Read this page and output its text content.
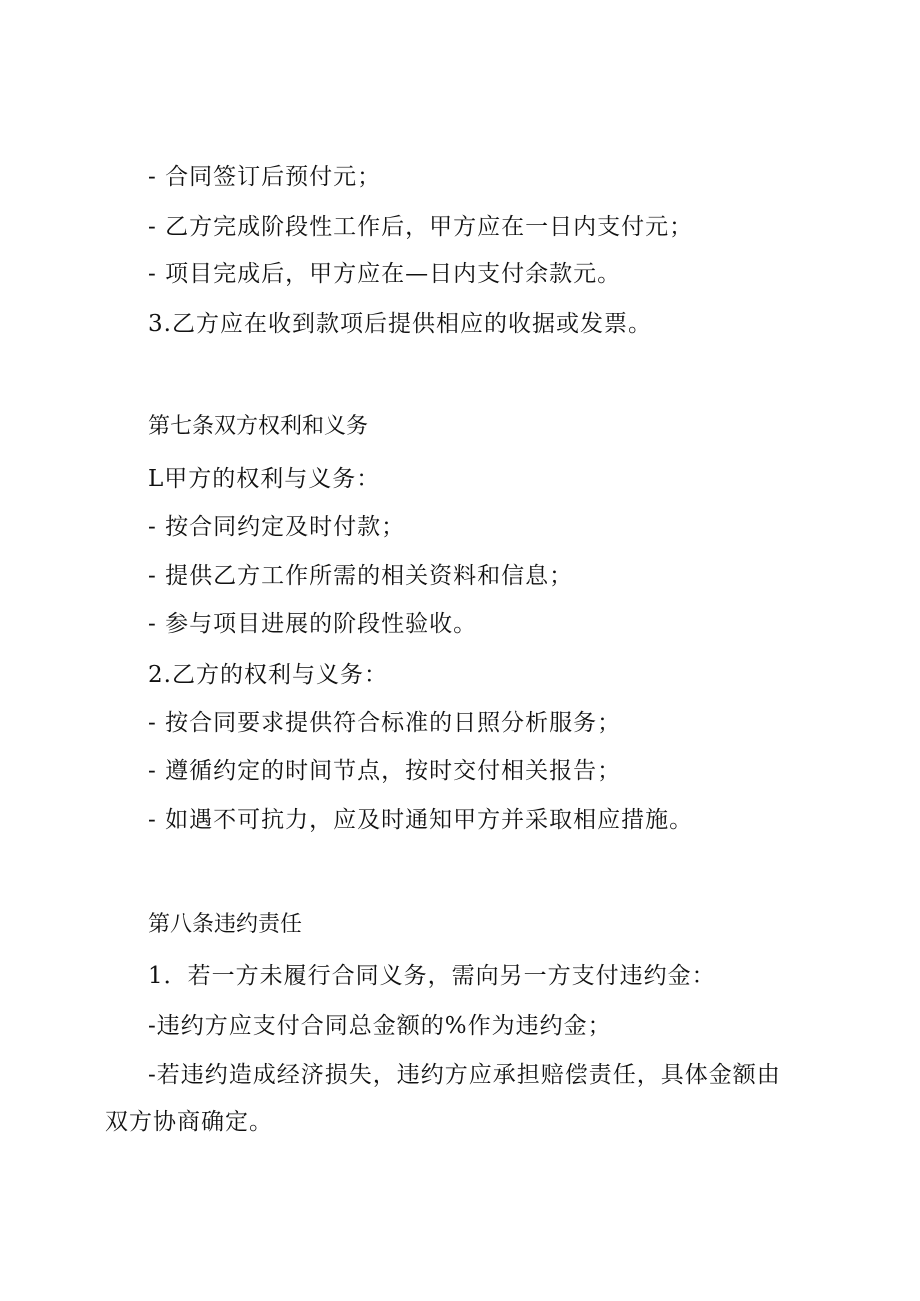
- 合同签订后预付元；
- 乙方完成阶段性工作后，甲方应在一日内支付元；
- 项目完成后，甲方应在—日内支付余款元。
3.乙方应在收到款项后提供相应的收据或发票。
第七条双方权利和义务
L甲方的权利与义务：
- 按合同约定及时付款；
- 提供乙方工作所需的相关资料和信息；
- 参与项目进展的阶段性验收。
2.乙方的权利与义务：
- 按合同要求提供符合标准的日照分析服务；
- 遵循约定的时间节点，按时交付相关报告；
- 如遇不可抗力，应及时通知甲方并采取相应措施。
第八条违约责任
1．若一方未履行合同义务，需向另一方支付违约金：
-违约方应支付合同总金额的%作为违约金；
-若违约造成经济损失，违约方应承担赔偿责任，具体金额由
双方协商确定。
